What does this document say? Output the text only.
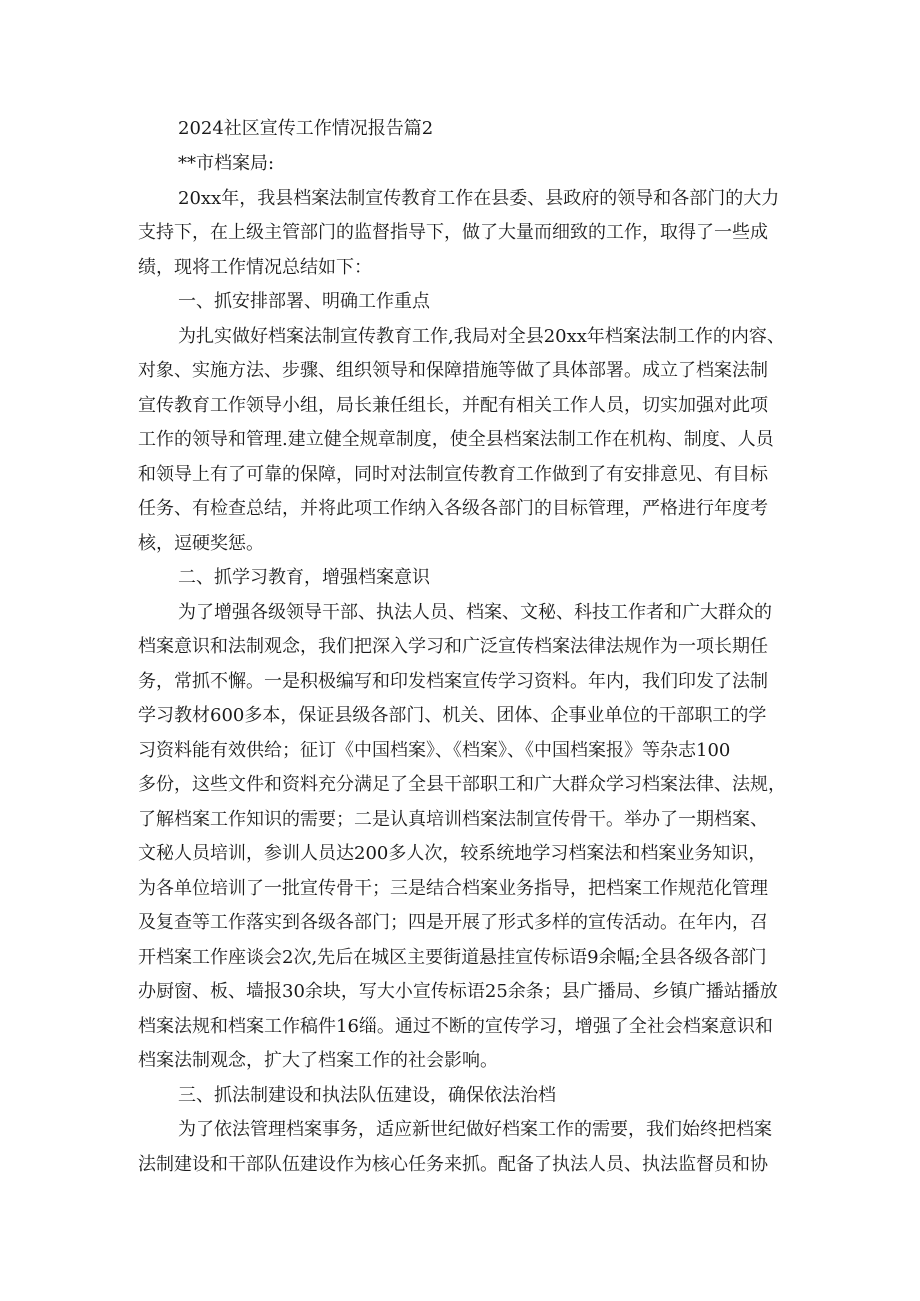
2024社区宣传工作情况报告篇2
**市档案局:
20xx年，我县档案法制宣传教育工作在县委、县政府的领导和各部门的大力
支持下，在上级主管部门的监督指导下，做了大量而细致的工作，取得了一些成
绩，现将工作情况总结如下：
一、抓安排部署、明确工作重点
为扎实做好档案法制宣传教育工作,我局对全县20xx年档案法制工作的内容、
对象、实施方法、步骤、组织领导和保障措施等做了具体部署。成立了档案法制
宣传教育工作领导小组，局长兼任组长，并配有相关工作人员，切实加强对此项
工作的领导和管理.建立健全规章制度，使全县档案法制工作在机构、制度、人员
和领导上有了可靠的保障，同时对法制宣传教育工作做到了有安排意见、有目标
任务、有检查总结，并将此项工作纳入各级各部门的目标管理，严格进行年度考
核，逗硬奖惩。
二、抓学习教育，增强档案意识
为了增强各级领导干部、执法人员、档案、文秘、科技工作者和广大群众的
档案意识和法制观念，我们把深入学习和广泛宣传档案法律法规作为一项长期任
务，常抓不懈。一是积极编写和印发档案宣传学习资料。年内，我们印发了法制
学习教材600多本，保证县级各部门、机关、团体、企事业单位的干部职工的学
习资料能有效供给；征订《中国档案》、《档案》、《中国档案报》等杂志100
多份，这些文件和资料充分满足了全县干部职工和广大群众学习档案法律、法规，
了解档案工作知识的需要；二是认真培训档案法制宣传骨干。举办了一期档案、
文秘人员培训，参训人员达200多人次，较系统地学习档案法和档案业务知识，
为各单位培训了一批宣传骨干；三是结合档案业务指导，把档案工作规范化管理
及复查等工作落实到各级各部门；四是开展了形式多样的宣传活动。在年内，召
开档案工作座谈会2次,先后在城区主要街道悬挂宣传标语9余幅;全县各级各部门
办厨窗、板、墙报30余块，写大小宣传标语25余条；县广播局、乡镇广播站播放
档案法规和档案工作稿件16缁。通过不断的宣传学习，增强了全社会档案意识和
档案法制观念，扩大了档案工作的社会影响。
三、抓法制建设和执法队伍建设，确保依法治档
为了依法管理档案事务，适应新世纪做好档案工作的需要，我们始终把档案
法制建设和干部队伍建设作为核心任务来抓。配备了执法人员、执法监督员和协
